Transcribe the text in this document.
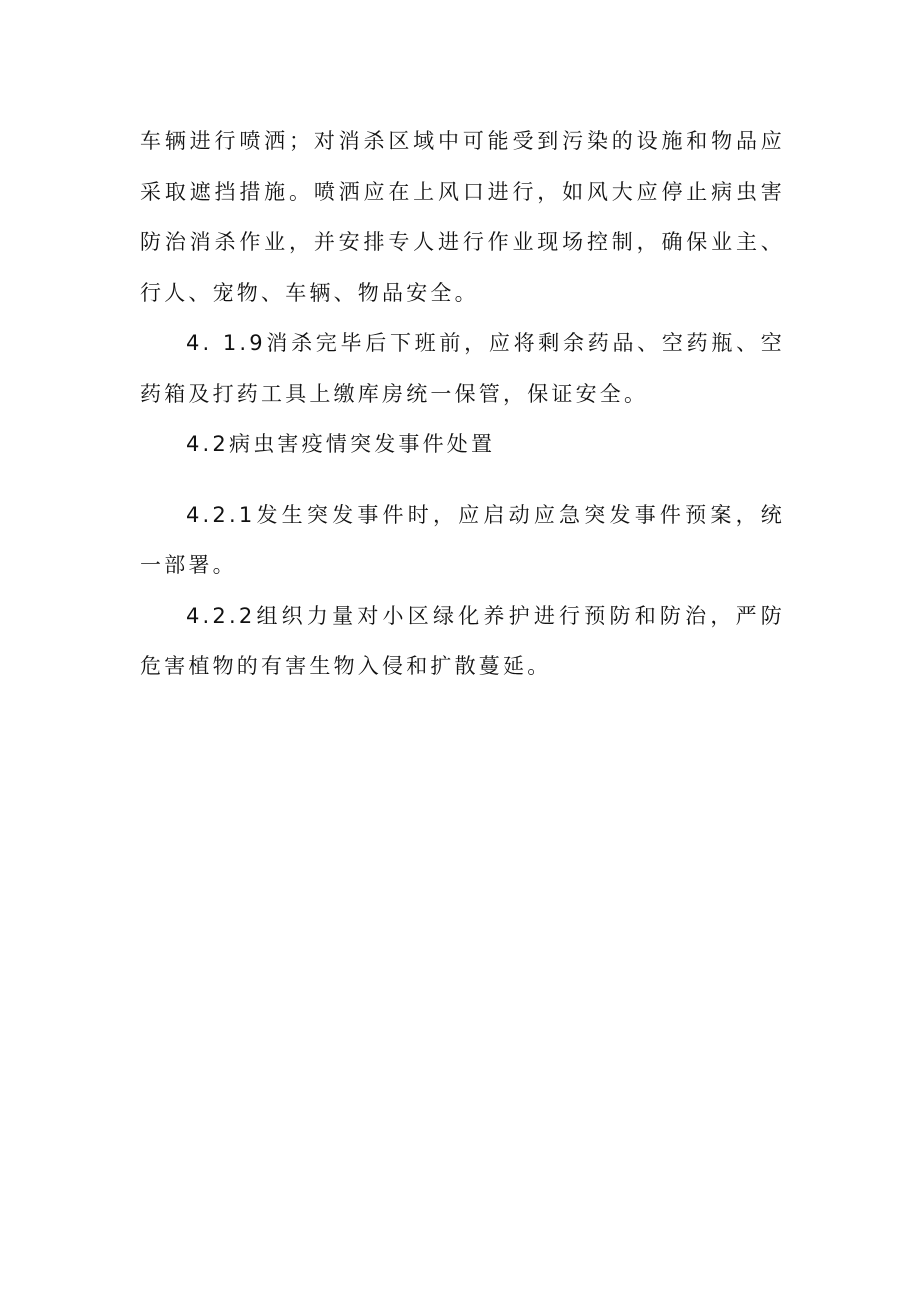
车辆进行喷洒；对消杀区域中可能受到污染的设施和物品应采取遮挡措施。喷洒应在上风口进行，如风大应停止病虫害防治消杀作业，并安排专人进行作业现场控制，确保业主、行人、宠物、车辆、物品安全。

4. 1.9消杀完毕后下班前，应将剩余药品、空药瓶、空药箱及打药工具上缴库房统一保管，保证安全。

4.2病虫害疫情突发事件处置

4.2.1发生突发事件时，应启动应急突发事件预案，统一部署。

4.2.2组织力量对小区绿化养护进行预防和防治，严防危害植物的有害生物入侵和扩散蔓延。
